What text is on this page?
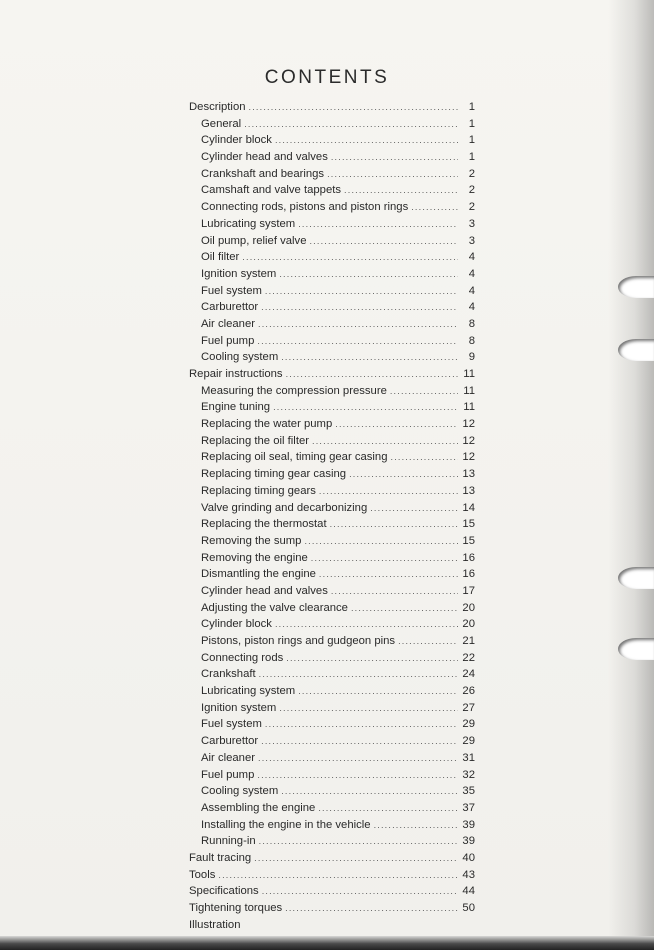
CONTENTS
Description .....	1
General .....	1
Cylinder block .....	1
Cylinder head and valves .....	1
Crankshaft and bearings .....	2
Camshaft and valve tappets .....	2
Connecting rods, pistons and piston rings .....	2
Lubricating system .....	3
Oil pump, relief valve .....	3
Oil filter .....	4
Ignition system .....	4
Fuel system .....	4
Carburettor .....	4
Air cleaner .....	8
Fuel pump .....	8
Cooling system .....	9
Repair instructions .....	11
Measuring the compression pressure .....	11
Engine tuning .....	11
Replacing the water pump .....	12
Replacing the oil filter .....	12
Replacing oil seal, timing gear casing .....	12
Replacing timing gear casing .....	13
Replacing timing gears .....	13
Valve grinding and decarbonizing .....	14
Replacing the thermostat .....	15
Removing the sump .....	15
Removing the engine .....	16
Dismantling the engine .....	16
Cylinder head and valves .....	17
Adjusting the valve clearance .....	20
Cylinder block .....	20
Pistons, piston rings and gudgeon pins .....	21
Connecting rods .....	22
Crankshaft .....	24
Lubricating system .....	26
Ignition system .....	27
Fuel system .....	29
Carburettor .....	29
Air cleaner .....	31
Fuel pump .....	32
Cooling system .....	35
Assembling the engine .....	37
Installing the engine in the vehicle .....	39
Running-in .....	39
Fault tracing .....	40
Tools .....	43
Specifications .....	44
Tightening torques .....	50
Illustration
